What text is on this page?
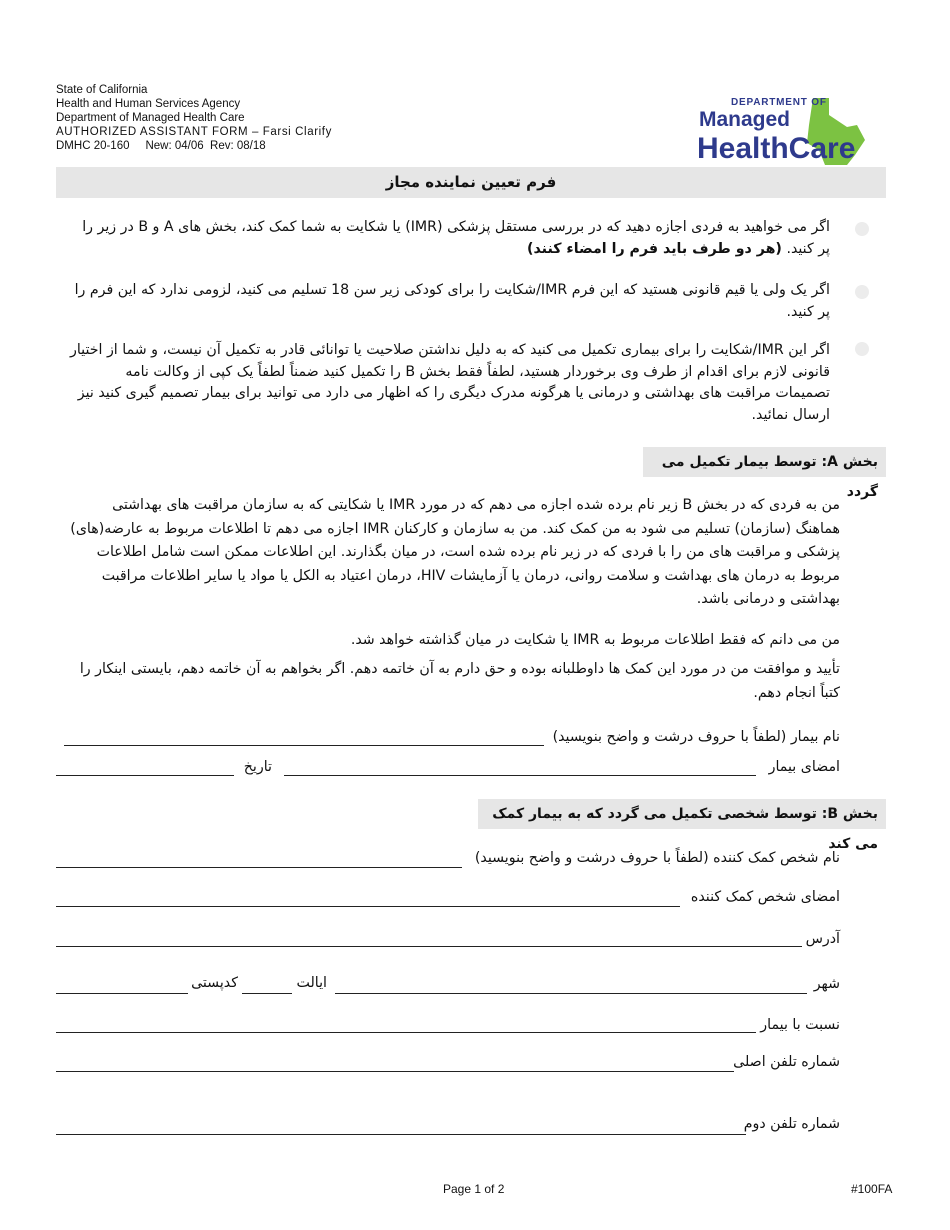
State of California
Health and Human Services Agency
Department of Managed Health Care
AUTHORIZED ASSISTANT FORM – Farsi Clarify
DMHC 20-160     New: 04/06  Rev: 08/18
DEPARTMENT OF
Managed
HealthCare
فرم تعیین نماینده مجاز
اگر می خواهید به فردی اجازه دهید که در بررسی مستقل پزشکی (IMR) یا شکایت به شما کمک کند، بخش های A و B در زیر را پر کنید. (هر دو طرف باید فرم را امضاء کنند)
اگر یک ولی یا قیم قانونی هستید که این فرم IMR/شکایت را برای کودکی زیر سن 18 تسلیم می کنید، لزومی ندارد که این فرم را پر کنید.
اگر این IMR/شکایت را برای بیماری تکمیل می کنید که به دلیل نداشتن صلاحیت یا توانائی قادر به تکمیل آن نیست، و شما از اختیار قانونی لازم برای اقدام از طرف وی برخوردار هستید، لطفاً فقط بخش B را تکمیل کنید ضمناً لطفاً یک کپی از وکالت نامه تصمیمات مراقبت های بهداشتی و درمانی یا هرگونه مدرک دیگری را که اظهار می دارد می توانید برای بیمار تصمیم گیری کنید نیز ارسال نمائید.
بخش A: توسط بیمار تکمیل می گردد
من به فردی که در بخش B زیر نام برده شده اجازه می دهم که در مورد IMR یا شکایتی که به سازمان مراقبت های بهداشتی هماهنگ (سازمان) تسلیم می شود به من کمک کند. من به سازمان و کارکنان IMR اجازه می دهم تا اطلاعات مربوط به عارضه(های) پزشکی و مراقبت های من را با فردی که در زیر نام برده شده است، در میان بگذارند. این اطلاعات ممکن است شامل اطلاعات مربوط به درمان های بهداشت و سلامت روانی، درمان یا آزمایشات HIV، درمان اعتیاد به الکل یا مواد یا سایر اطلاعات مراقبت بهداشتی و درمانی باشد.
من می دانم که فقط اطلاعات مربوط به IMR یا شکایت در میان گذاشته خواهد شد.
تأیید و موافقت من در مورد این کمک ها داوطلبانه بوده و حق دارم به آن خاتمه دهم. اگر بخواهم به آن خاتمه دهم، بایستی اینکار را کتباً انجام دهم.
نام بیمار (لطفاً با حروف درشت و واضح بنویسید)
امضای بیمار
تاریخ
بخش B: توسط شخصی تکمیل می گردد که به بیمار کمک می کند
نام شخص کمک کننده (لطفاً با حروف درشت و واضح بنویسید)
امضای شخص کمک کننده
آدرس
شهر
ایالت
کدپستی
نسبت با بیمار
شماره تلفن اصلی
شماره تلفن دوم
Page 1 of 2	#100FA
